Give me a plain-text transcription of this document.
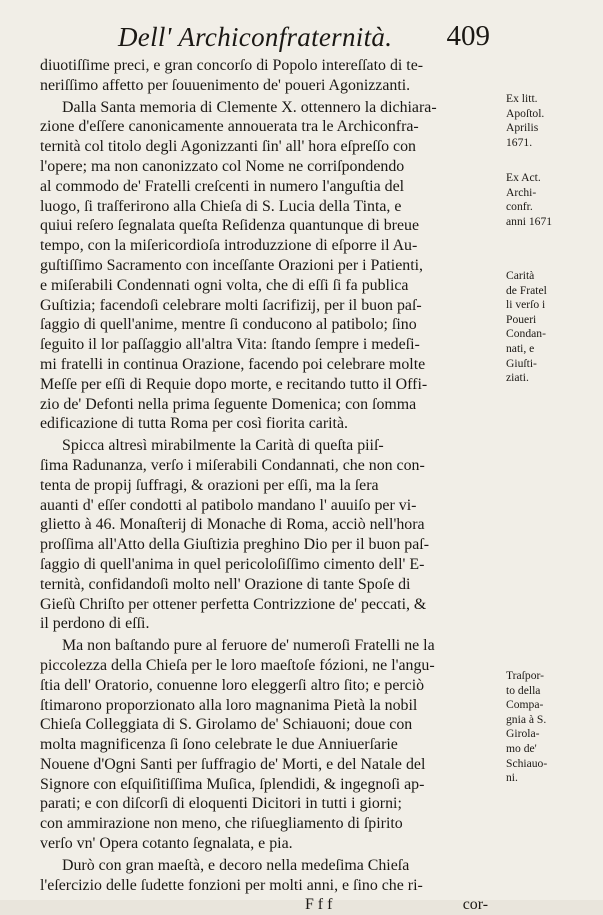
Dell' Archiconfraternità. 409
diuotiſſime preci, e gran concorſo di Popolo intereſſato di te-
neriſſimo affetto per ſouuenimento de' poueri Agonizzanti.
Dalla Santa memoria di Clemente X. ottennero la dichiara-
zione d'eſſere canonicamente annouerata tra le Archiconfra-
ternità col titolo degli Agonizzanti ſin' all' hora eſpreſſo con
l'opere; ma non canonizzato col Nome ne corriſpondendo
al commodo de' Fratelli creſcenti in numero l'anguſtia del
luogo, ſi traſferirono alla Chieſa di S. Lucia della Tinta, e
quiui reſero ſegnalata queſta Reſidenza quantunque di breue
tempo, con la miſericordioſa introduzzione di eſporre il Au-
guſtiſſimo Sacramento con inceſſante Orazioni per i Patienti,
e miſerabili Condennati ogni volta, che di eſſi ſi fa publica
Guſtizia; facendoſi celebrare molti ſacrifizij, per il buon paſ-
ſaggio di quell'anime, mentre ſi conducono al patibolo; ſino
ſeguito il lor paſſaggio all'altra Vita: ſtando ſempre i medeſi-
mi fratelli in continua Orazione, facendo poi celebrare molte
Meſſe per eſſi di Requie dopo morte, e recitando tutto il Offi-
zio de' Defonti nella prima ſeguente Domenica; con ſomma
edificazione di tutta Roma per così fiorita carità.
Spicca altresì mirabilmente la Carità di queſta piiſ-
ſima Radunanza, verſo i miſerabili Condannati, che non con-
tenta de propij ſuffragi, & orazioni per eſſi, ma la ſera
auanti d' eſſer condotti al patibolo mandano l' auuiſo per vi-
glietto à 46. Monaſterij di Monache di Roma, acciò nell'hora
proſſima all'Atto della Giuſtizia preghino Dio per il buon paſ-
ſaggio di quell'anima in quel pericoloſiſſimo cimento dell' E-
ternità, confidandoſi molto nell' Orazione di tante Spoſe di
Gieſù Chriſto per ottener perfetta Contrizzione de' peccati, &
il perdono di eſſi.
Ma non baſtando pure al feruore de' numeroſi Fratelli ne la
piccolezza della Chieſa per le loro maeſtoſe fózioni, ne l'angu-
ſtia dell' Oratorio, conuenne loro eleggerſi altro ſito; e perciò
ſtimarono proporzionato alla loro magnanima Pietà la nobil
Chieſa Colleggiata di S. Girolamo de' Schiauoni; doue con
molta magnificenza ſi ſono celebrate le due Anniuerſarie
Nouene d'Ogni Santi per ſuffragio de' Morti, e del Natale del
Signore con eſquiſitiſſima Muſica, ſplendidi, & ingegnoſi ap-
parati; e con diſcorſi di eloquenti Dicitori in tutti i giorni;
con ammirazione non meno, che riſuegliamento di ſpirito
verſo vn' Opera cotanto ſegnalata, e pia.
Durò con gran maeſtà, e decoro nella medeſima Chieſa
l'eſercizio delle ſudette fonzioni per molti anni, e ſino che ri-
F f f	cor-
Ex litt.
Apoſtol.
Aprilis
1671.
Ex Act.
Archi-
confr.
anni 1671
Carità
de Fratel
li verſo i
Poueri
Condan-
nati, e
Giuſti-
ziati.
Traſpor-
to della
Compa-
gnia à S.
Girola-
mo de'
Schiauo-
ni.
